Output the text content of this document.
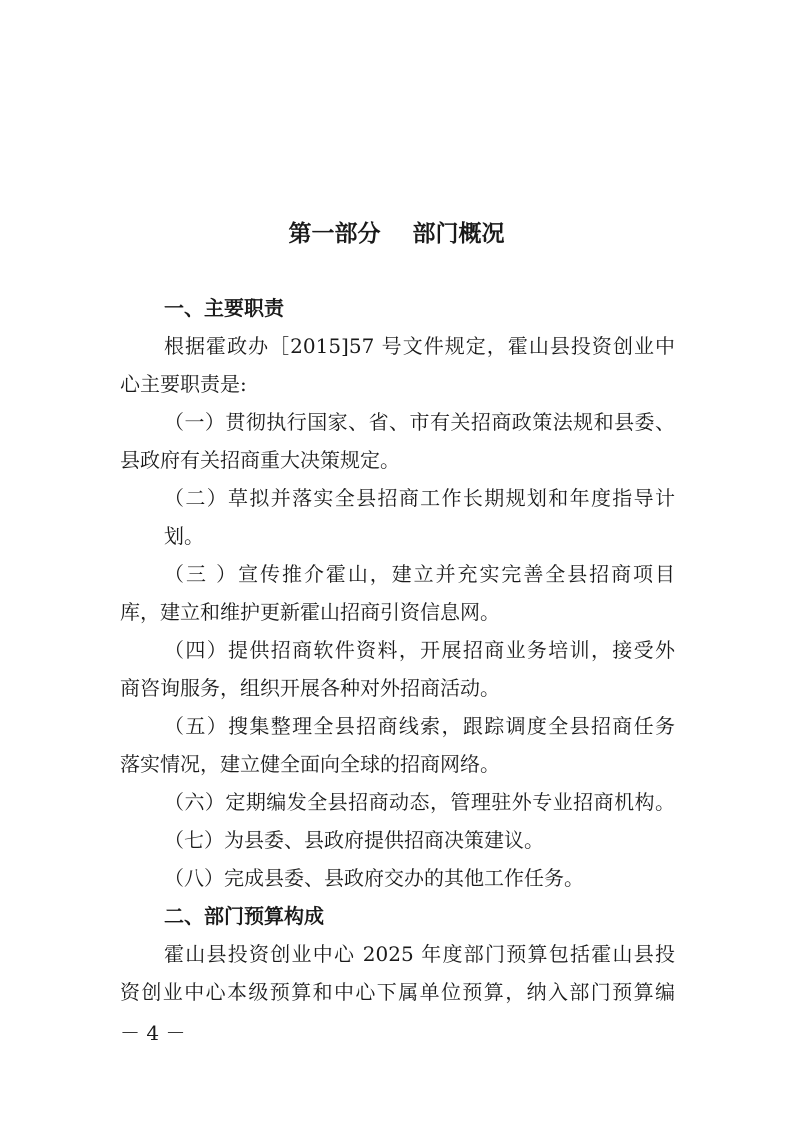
第一部分    部门概况
一、主要职责
根据霍政办［2015]57 号文件规定，霍山县投资创业中
心主要职责是:
（一）贯彻执行国家、省、市有关招商政策法规和县委、
县政府有关招商重大决策规定。
（二）草拟并落实全县招商工作长期规划和年度指导计
划。
（三 ）宣传推介霍山，建立并充实完善全县招商项目
库，建立和维护更新霍山招商引资信息网。
（四）提供招商软件资料，开展招商业务培训，接受外
商咨询服务，组织开展各种对外招商活动。
（五）搜集整理全县招商线索，跟踪调度全县招商任务
落实情况，建立健全面向全球的招商网络。
（六）定期编发全县招商动态，管理驻外专业招商机构。
（七）为县委、县政府提供招商决策建议。
（八）完成县委、县政府交办的其他工作任务。
二、部门预算构成
霍山县投资创业中心 2025 年度部门预算包括霍山县投
资创业中心本级预算和中心下属单位预算，纳入部门预算编
－ 4 －
